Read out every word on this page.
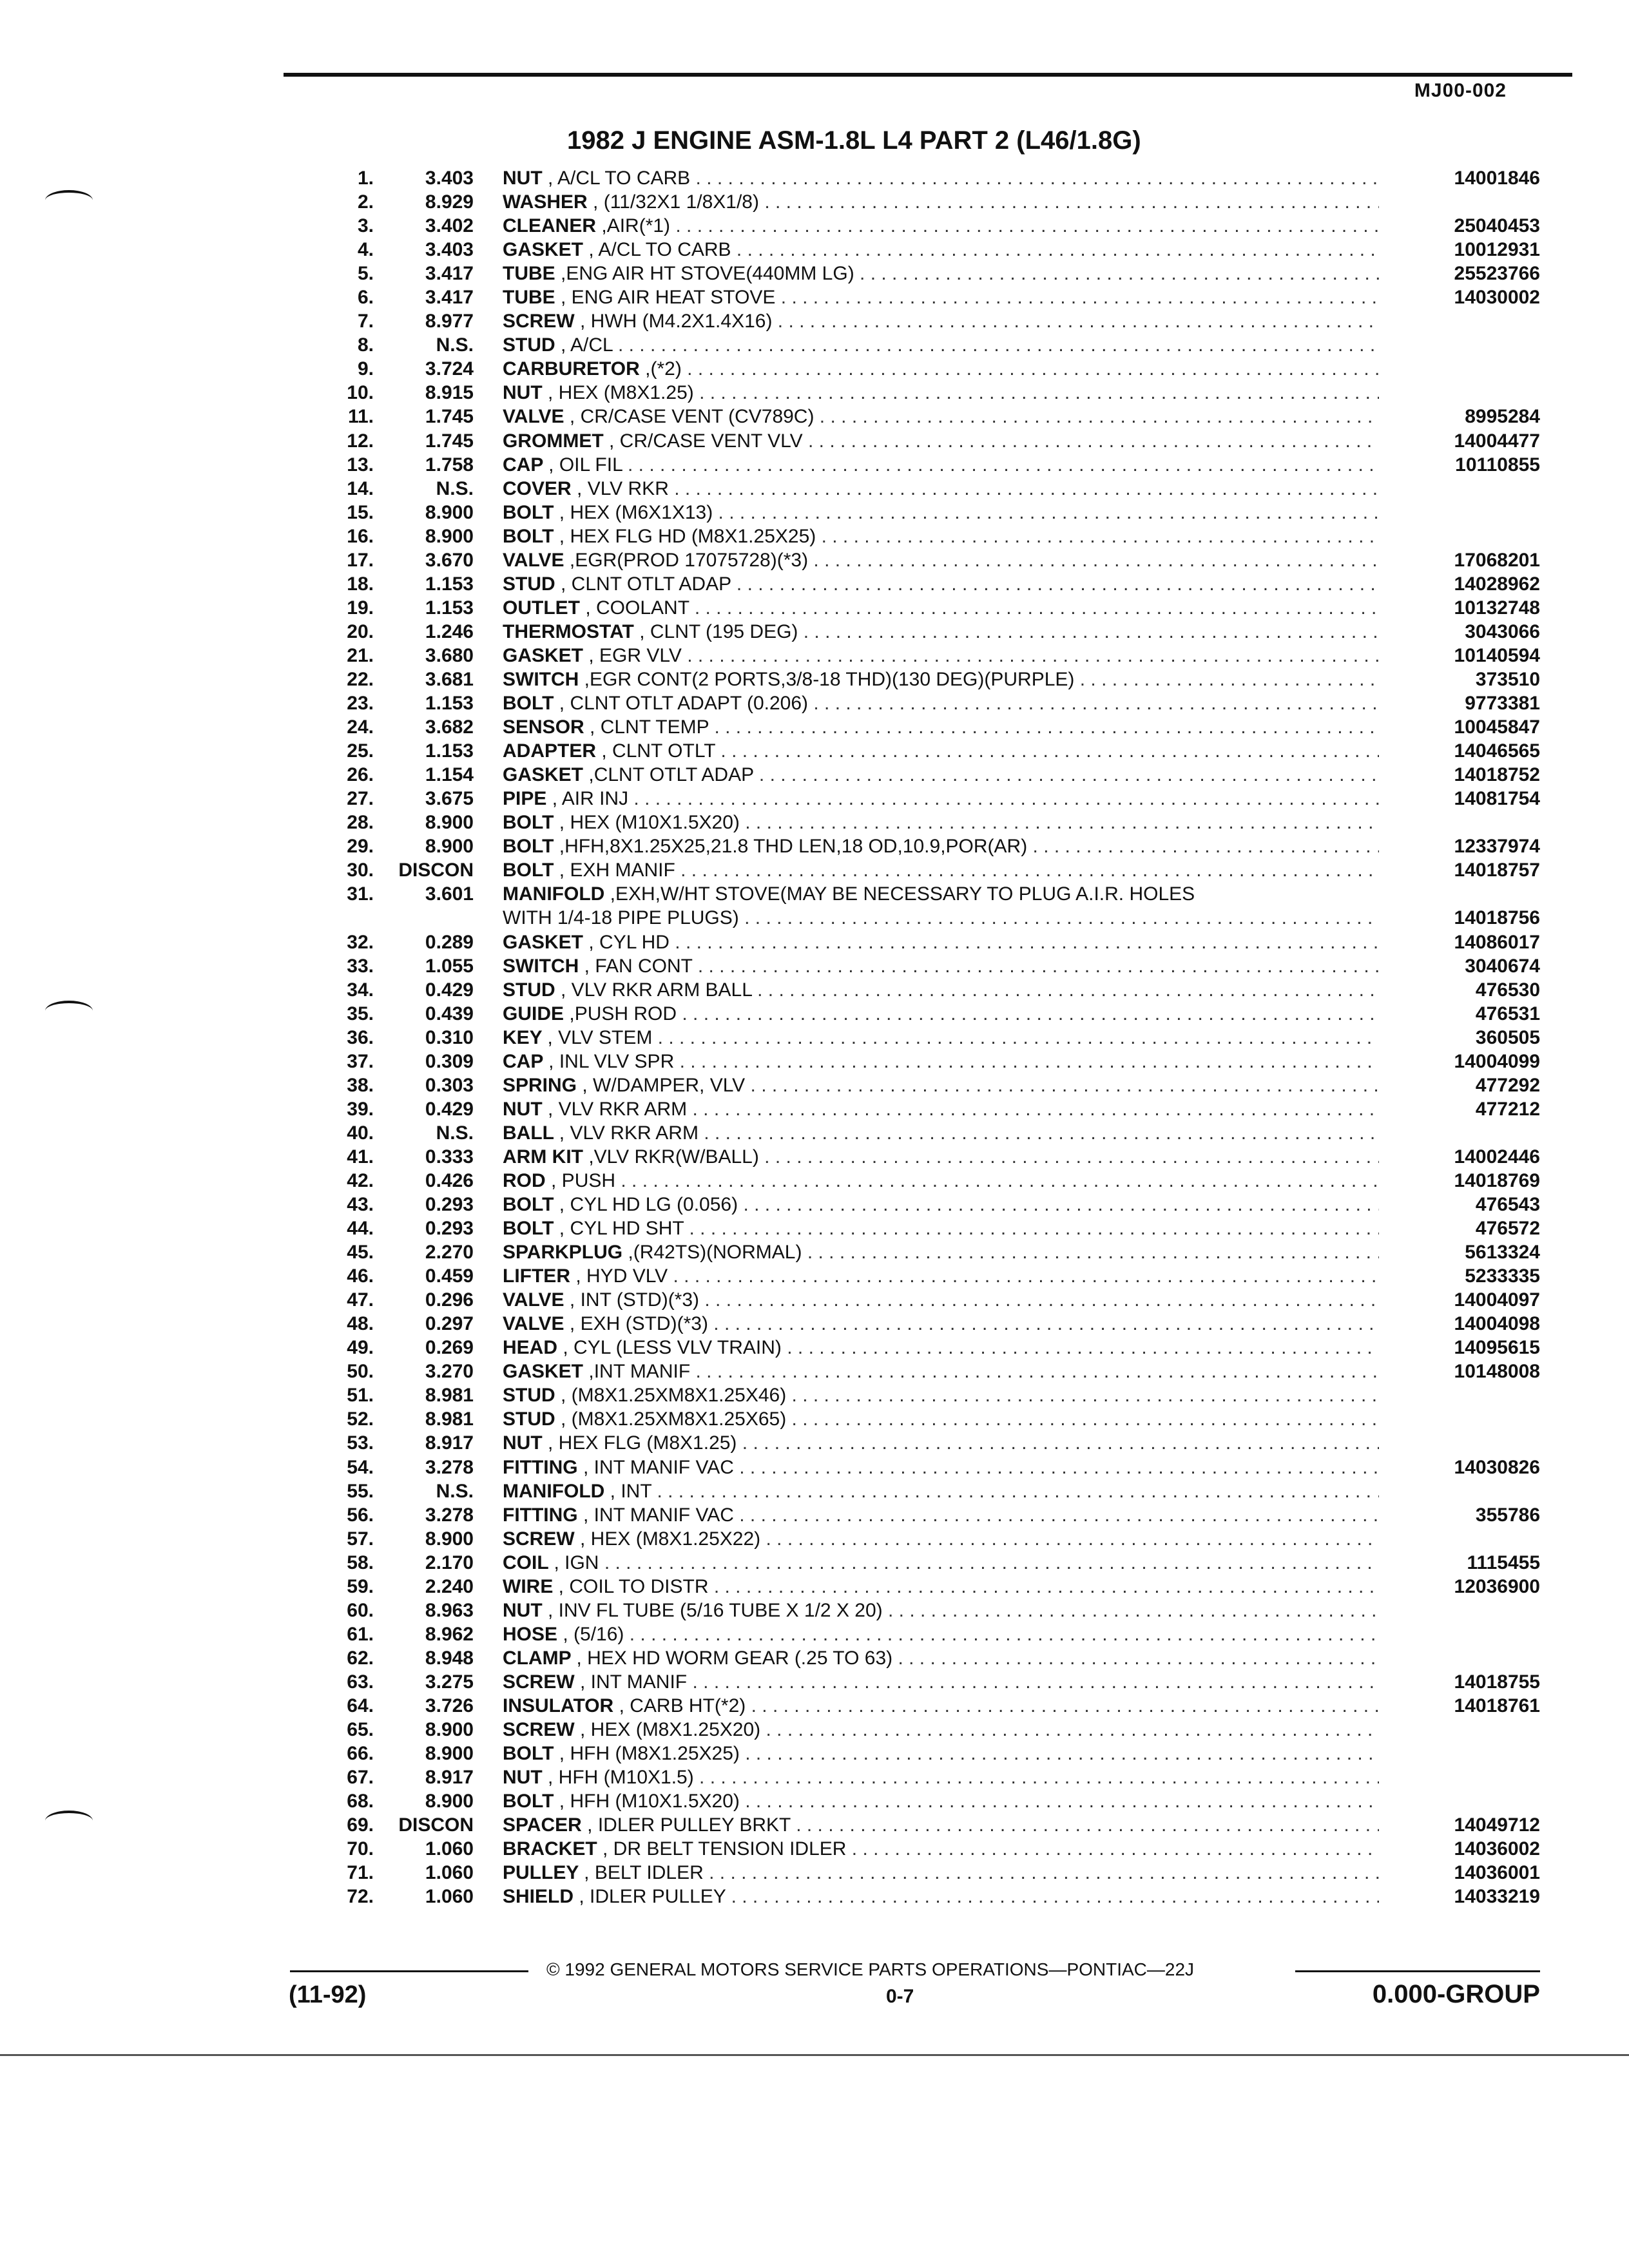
MJ00-002
1982 J ENGINE ASM-1.8L L4 PART 2 (L46/1.8G)
1.	3.403 NUT , A/CL TO CARB . . .	14001846
2.	8.929 WASHER , (11/32X1 1/8X1/8) . . .
3.	3.402 CLEANER ,AIR(*1) . . .	25040453
4.	3.403 GASKET , A/CL TO CARB . . .	10012931
5.	3.417 TUBE ,ENG AIR HT STOVE(440MM LG) . . .	25523766
6.	3.417 TUBE , ENG AIR HEAT STOVE . . .	14030002
7.	8.977 SCREW , HWH (M4.2X1.4X16) . . .
8.	N.S. STUD , A/CL . . .
9.	3.724 CARBURETOR ,(*2) . . .
10.	8.915 NUT , HEX (M8X1.25) . . .
11.	1.745 VALVE , CR/CASE VENT (CV789C) . . .	8995284
12.	1.745 GROMMET , CR/CASE VENT VLV . . .	14004477
13.	1.758 CAP , OIL FIL . . .	10110855
14.	N.S. COVER , VLV RKR . . .
15.	8.900 BOLT , HEX (M6X1X13) . . .
16.	8.900 BOLT , HEX FLG HD (M8X1.25X25) . . .
17.	3.670 VALVE ,EGR(PROD 17075728)(*3) . . .	17068201
18.	1.153 STUD , CLNT OTLT ADAP . . .	14028962
19.	1.153 OUTLET , COOLANT . . .	10132748
20.	1.246 THERMOSTAT , CLNT (195 DEG) . . .	3043066
21.	3.680 GASKET , EGR VLV . . .	10140594
22.	3.681 SWITCH ,EGR CONT(2 PORTS,3/8-18 THD)(130 DEG)(PURPLE) . . .	373510
23.	1.153 BOLT , CLNT OTLT ADAPT (0.206) . . .	9773381
24.	3.682 SENSOR , CLNT TEMP . . .	10045847
25.	1.153 ADAPTER , CLNT OTLT . . .	14046565
26.	1.154 GASKET ,CLNT OTLT ADAP . . .	14018752
27.	3.675 PIPE , AIR INJ . . .	14081754
28.	8.900 BOLT , HEX (M10X1.5X20) . . .
29.	8.900 BOLT ,HFH,8X1.25X25,21.8 THD LEN,18 OD,10.9,POR(AR) . . .	12337974
30.	DISCON BOLT , EXH MANIF . . .	14018757
31.	3.601 MANIFOLD ,EXH,W/HT STOVE(MAY BE NECESSARY TO PLUG A.I.R. HOLES
WITH 1/4-18 PIPE PLUGS) . . .	14018756
32.	0.289 GASKET , CYL HD . . .	14086017
33.	1.055 SWITCH , FAN CONT . . .	3040674
34.	0.429 STUD , VLV RKR ARM BALL . . .	476530
35.	0.439 GUIDE ,PUSH ROD . . .	476531
36.	0.310 KEY , VLV STEM . . .	360505
37.	0.309 CAP , INL VLV SPR . . .	14004099
38.	0.303 SPRING , W/DAMPER, VLV . . .	477292
39.	0.429 NUT , VLV RKR ARM . . .	477212
40.	N.S. BALL , VLV RKR ARM . . .
41.	0.333 ARM KIT ,VLV RKR(W/BALL) . . .	14002446
42.	0.426 ROD , PUSH . . .	14018769
43.	0.293 BOLT , CYL HD LG (0.056) . . .	476543
44.	0.293 BOLT , CYL HD SHT . . .	476572
45.	2.270 SPARKPLUG ,(R42TS)(NORMAL) . . .	5613324
46.	0.459 LIFTER , HYD VLV . . .	5233335
47.	0.296 VALVE , INT (STD)(*3) . . .	14004097
48.	0.297 VALVE , EXH (STD)(*3) . . .	14004098
49.	0.269 HEAD , CYL (LESS VLV TRAIN) . . .	14095615
50.	3.270 GASKET ,INT MANIF . . .	10148008
51.	8.981 STUD , (M8X1.25XM8X1.25X46) . . .
52.	8.981 STUD , (M8X1.25XM8X1.25X65) . . .
53.	8.917 NUT , HEX FLG (M8X1.25) . . .
54.	3.278 FITTING , INT MANIF VAC . . .	14030826
55.	N.S. MANIFOLD , INT . . .
56.	3.278 FITTING , INT MANIF VAC . . .	355786
57.	8.900 SCREW , HEX (M8X1.25X22) . . .
58.	2.170 COIL , IGN . . .	1115455
59.	2.240 WIRE , COIL TO DISTR . . .	12036900
60.	8.963 NUT , INV FL TUBE (5/16 TUBE X 1/2 X 20) . . .
61.	8.962 HOSE , (5/16) . . .
62.	8.948 CLAMP , HEX HD WORM GEAR (.25 TO 63) . . .
63.	3.275 SCREW , INT MANIF . . .	14018755
64.	3.726 INSULATOR , CARB HT(*2) . . .	14018761
65.	8.900 SCREW , HEX (M8X1.25X20) . . .
66.	8.900 BOLT , HFH (M8X1.25X25) . . .
67.	8.917 NUT , HFH (M10X1.5) . . .
68.	8.900 BOLT , HFH (M10X1.5X20) . . .
69.	DISCON SPACER , IDLER PULLEY BRKT . . .	14049712
70.	1.060 BRACKET , DR BELT TENSION IDLER . . .	14036002
71.	1.060 PULLEY , BELT IDLER . . .	14036001
72.	1.060 SHIELD , IDLER PULLEY . . .	14033219
© 1992 GENERAL MOTORS SERVICE PARTS OPERATIONS—PONTIAC—22J
(11-92)	0-7	0.000-GROUP
